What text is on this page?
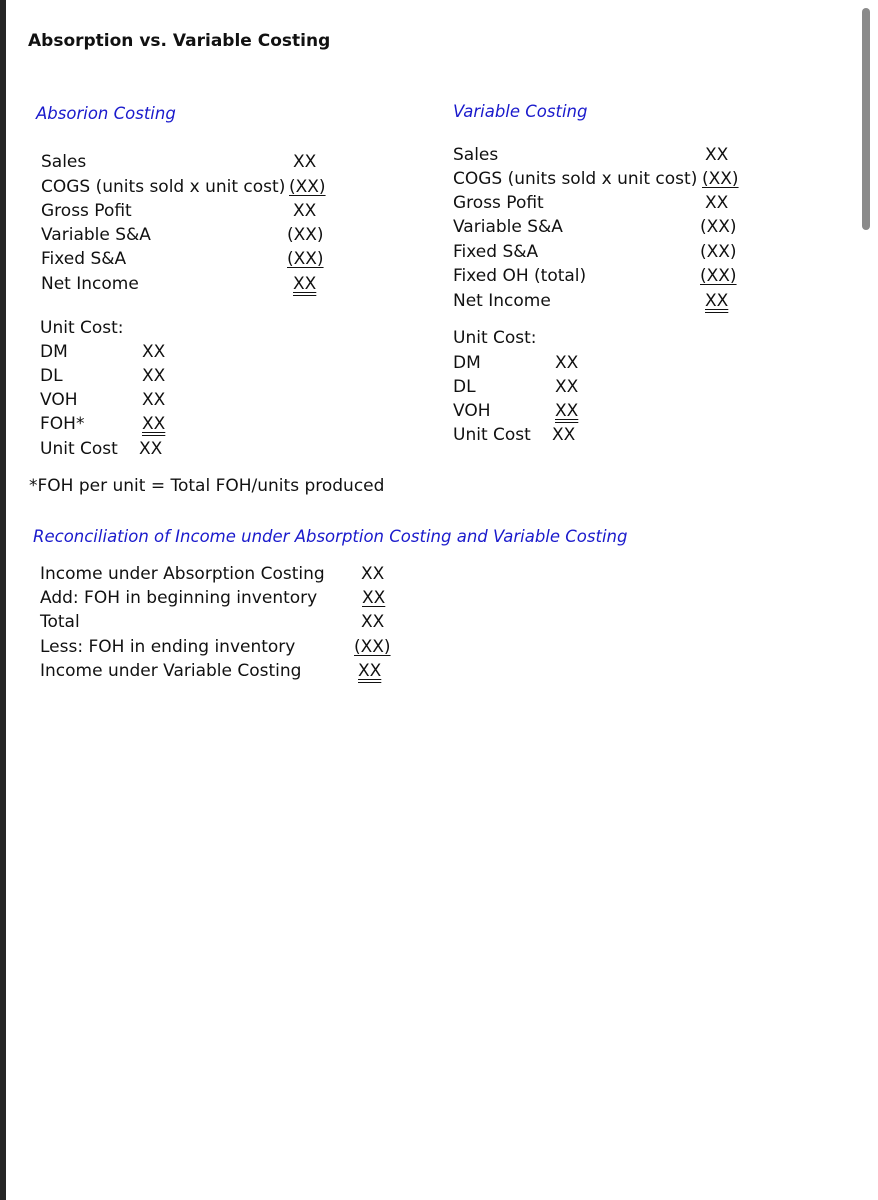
Absorption vs. Variable Costing
Absorion Costing
Sales	XX
COGS (units sold x unit cost) (XX)
Gross Pofit	XX
Variable S&A	(XX)
Fixed S&A	(XX)
Net Income	XX
Unit Cost:
DM	XX
DL	XX
VOH	XX
FOH*	XX
Unit Cost XX
*FOH per unit = Total FOH/units produced
Variable Costing
Sales	XX
COGS (units sold x unit cost) (XX)
Gross Pofit	XX
Variable S&A	(XX)
Fixed S&A	(XX)
Fixed OH (total)	(XX)
Net Income	XX
Unit Cost:
DM	XX
DL	XX
VOH	XX
Unit Cost XX
Reconciliation of Income under Absorption Costing and Variable Costing
Income under Absorption Costing XX
Add: FOH in beginning inventory	XX
Total	XX
Less: FOH in ending inventory	(XX)
Income under Variable Costing	XX
